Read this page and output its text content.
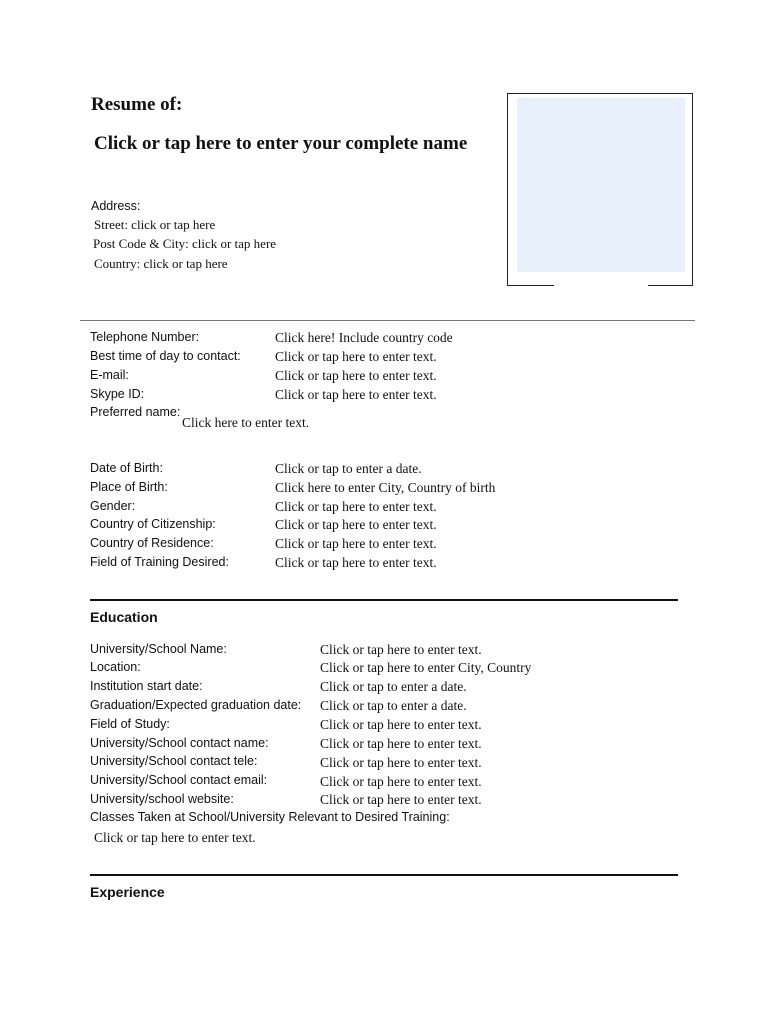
Resume of:
Click or tap here to enter your complete name
Address:
Street: click or tap here
Post Code & City: click or tap here
Country: click or tap here
Telephone Number:	Click here! Include country code
Best time of day to contact:	Click or tap here to enter text.
E-mail:	Click or tap here to enter text.
Skype ID:	Click or tap here to enter text.
Preferred name:
Click here to enter text.
Date of Birth:	Click or tap to enter a date.
Place of Birth:	Click here to enter City, Country of birth
Gender:	Click or tap here to enter text.
Country of Citizenship:	Click or tap here to enter text.
Country of Residence:	Click or tap here to enter text.
Field of Training Desired:	Click or tap here to enter text.
Education
University/School Name:	Click or tap here to enter text.
Location:	Click or tap here to enter City, Country
Institution start date:	Click or tap to enter a date.
Graduation/Expected graduation date: Click or tap to enter a date.
Field of Study:	Click or tap here to enter text.
University/School contact name:	Click or tap here to enter text.
University/School contact tele:	Click or tap here to enter text.
University/School contact email:	Click or tap here to enter text.
University/school website:	Click or tap here to enter text.
Classes Taken at School/University Relevant to Desired Training:
Click or tap here to enter text.
Experience
